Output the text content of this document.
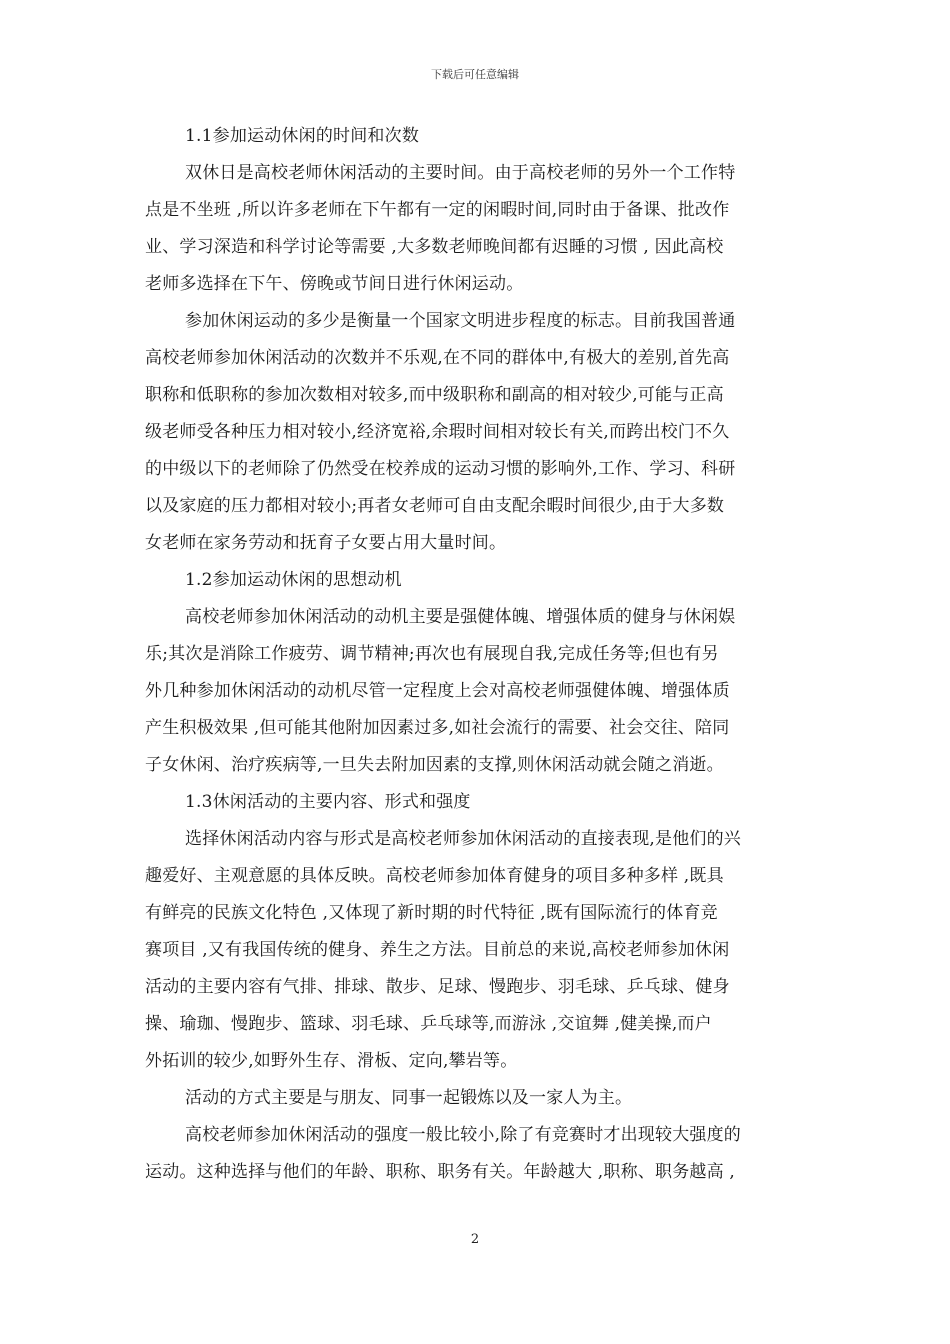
下载后可任意编辑
1.1参加运动休闲的时间和次数
双休日是高校老师休闲活动的主要时间。由于高校老师的另外一个工作特
点是不坐班 ,所以许多老师在下午都有一定的闲暇时间,同时由于备课、批改作
业、学习深造和科学讨论等需要 ,大多数老师晚间都有迟睡的习惯 , 因此高校
老师多选择在下午、傍晚或节间日进行休闲运动。
参加休闲运动的多少是衡量一个国家文明进步程度的标志。目前我国普通
高校老师参加休闲活动的次数并不乐观,在不同的群体中,有极大的差别,首先高
职称和低职称的参加次数相对较多,而中级职称和副高的相对较少,可能与正高
级老师受各种压力相对较小,经济宽裕,余瑕时间相对较长有关,而跨出校门不久
的中级以下的老师除了仍然受在校养成的运动习惯的影响外,工作、学习、科研
以及家庭的压力都相对较小;再者女老师可自由支配余暇时间很少,由于大多数
女老师在家务劳动和抚育子女要占用大量时间。
1.2参加运动休闲的思想动机
高校老师参加休闲活动的动机主要是强健体魄、增强体质的健身与休闲娱
乐;其次是消除工作疲劳、调节精神;再次也有展现自我,完成任务等;但也有另
外几种参加休闲活动的动机尽管一定程度上会对高校老师强健体魄、增强体质
产生积极效果 ,但可能其他附加因素过多,如社会流行的需要、社会交往、陪同
子女休闲、治疗疾病等,一旦失去附加因素的支撑,则休闲活动就会随之消逝。
1.3休闲活动的主要内容、形式和强度
选择休闲活动内容与形式是高校老师参加休闲活动的直接表现,是他们的兴
趣爱好、主观意愿的具体反映。高校老师参加体育健身的项目多种多样 ,既具
有鲜亮的民族文化特色 ,又体现了新时期的时代特征 ,既有国际流行的体育竞
赛项目 ,又有我国传统的健身、养生之方法。目前总的来说,高校老师参加休闲
活动的主要内容有气排、排球、散步、足球、慢跑步、羽毛球、乒乓球、健身
操、瑜珈、慢跑步、篮球、羽毛球、乒乓球等,而游泳 ,交谊舞 ,健美操,而户
外拓训的较少,如野外生存、滑板、定向,攀岩等。
活动的方式主要是与朋友、同事一起锻炼以及一家人为主。
高校老师参加休闲活动的强度一般比较小,除了有竞赛时才出现较大强度的
运动。这种选择与他们的年龄、职称、职务有关。年龄越大 ,职称、职务越高 ,
2
